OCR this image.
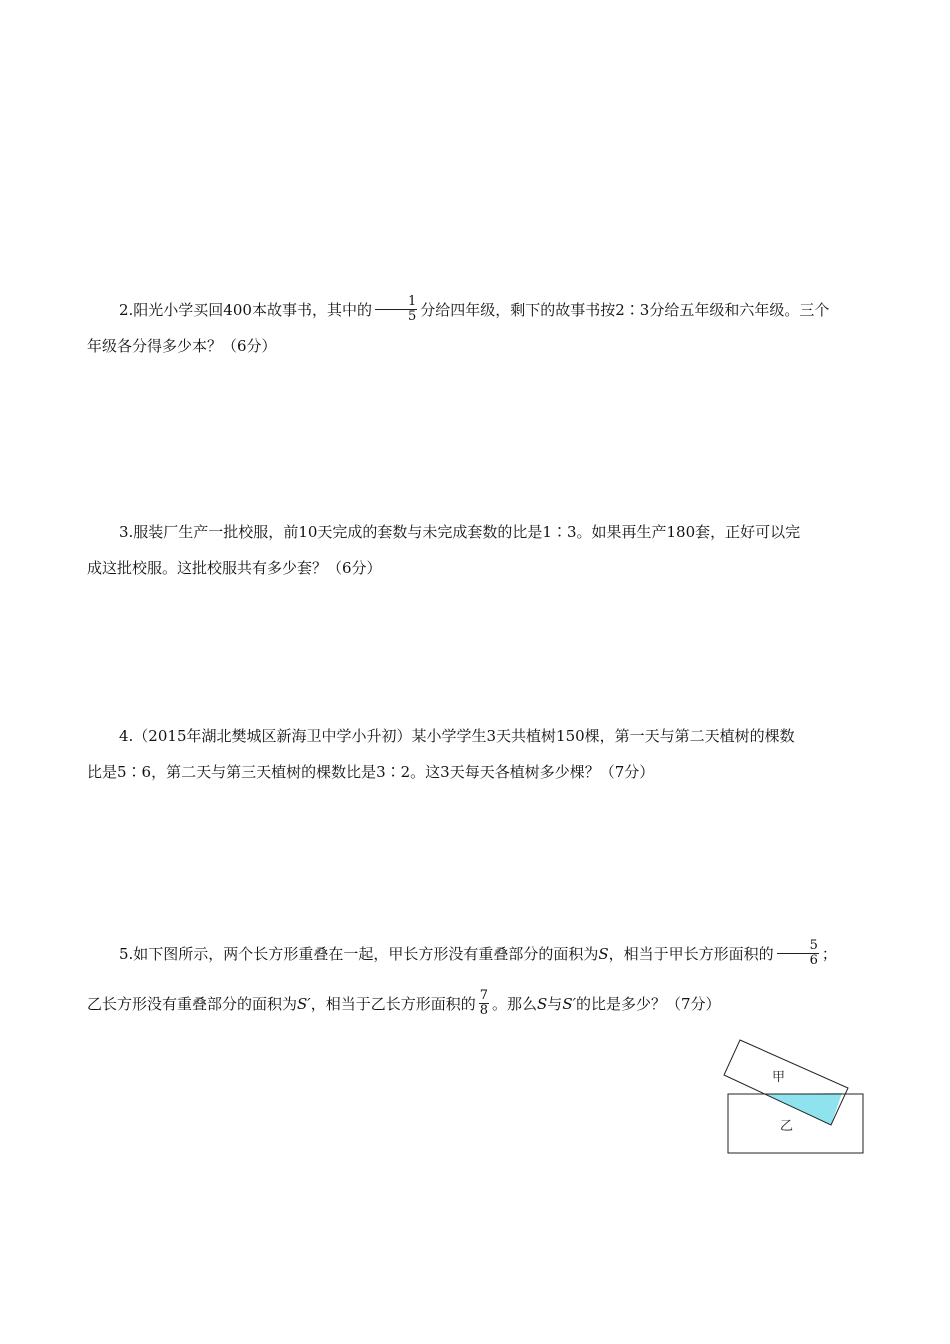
2.阳光小学买回400本故事书，其中的 $\frac{1}{5}$ 分给四年级，剩下的故事书按2∶3分给五年级和六年级。三个

年级各分得多少本？（6分）

3.服装厂生产一批校服，前10天完成的套数与未完成套数的比是1∶3。如果再生产180套，正好可以完

成这批校服。这批校服共有多少套？（6分）

4.（2015年湖北樊城区新海卫中学小升初）某小学学生3天共植树150棵，第一天与第二天植树的棵数

比是5∶6，第二天与第三天植树的棵数比是3∶2。这3天每天各植树多少棵？（7分）

5.如下图所示，两个长方形重叠在一起，甲长方形没有重叠部分的面积为S，相当于甲长方形面积的 $\frac{5}{6}$ ；

乙长方形没有重叠部分的面积为S′，相当于乙长方形面积的 $\frac{7}{8}$ 。那么S与S′的比是多少？（7分）

甲
乙
